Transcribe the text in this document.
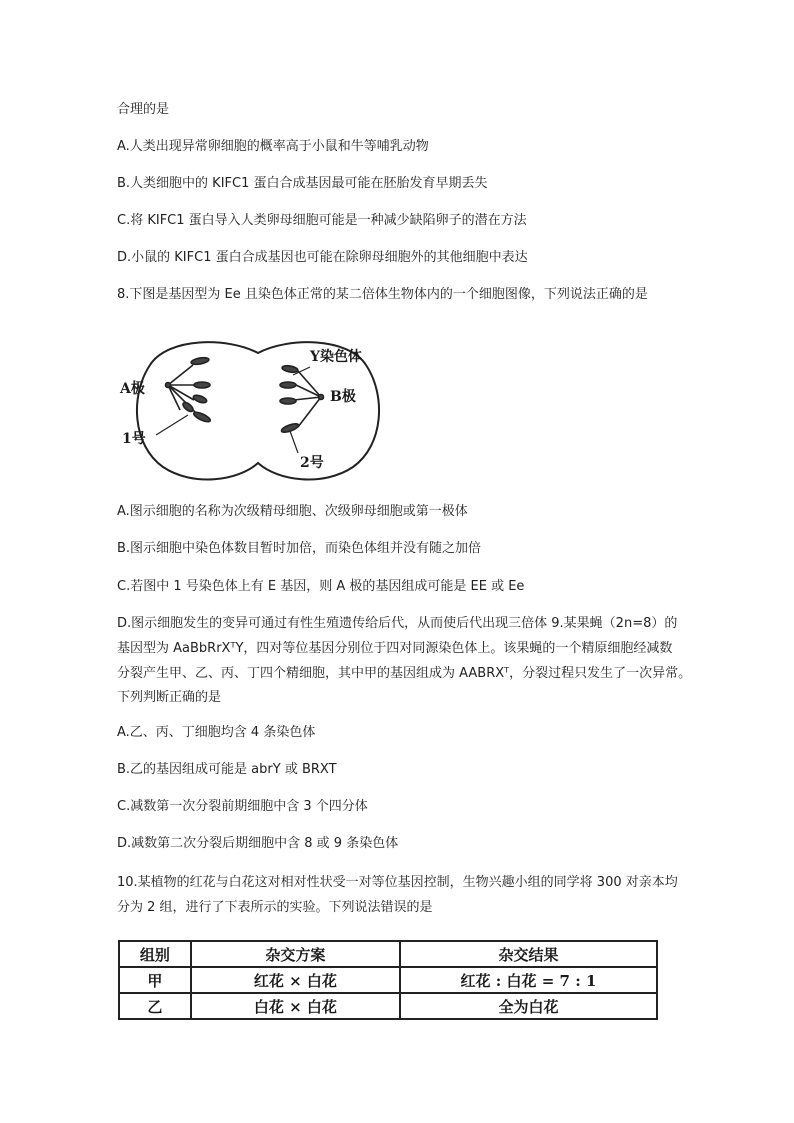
合理的是
A.人类出现异常卵细胞的概率高于小鼠和牛等哺乳动物
B.人类细胞中的 KIFC1 蛋白合成基因最可能在胚胎发育早期丢失
C.将 KIFC1 蛋白导入人类卵母细胞可能是一种减少缺陷卵子的潜在方法
D.小鼠的 KIFC1 蛋白合成基因也可能在除卵母细胞外的其他细胞中表达
8.下图是基因型为 Ee 且染色体正常的某二倍体生物体内的一个细胞图像，下列说法正确的是
A极	B极
Y染色体
1号
2号
A.图示细胞的名称为次级精母细胞、次级卵母细胞或第一极体
B.图示细胞中染色体数目暂时加倍，而染色体组并没有随之加倍
C.若图中 1 号染色体上有 E 基因，则 A 极的基因组成可能是 EE 或 Ee
D.图示细胞发生的变异可通过有性生殖遗传给后代，从而使后代出现三倍体 9.某果蝇（2n=8）的
基因型为 AaBbRrXᵀY，四对等位基因分别位于四对同源染色体上。该果蝇的一个精原细胞经减数
分裂产生甲、乙、丙、丁四个精细胞，其中甲的基因组成为 AABRXᵀ，分裂过程只发生了一次异常。
下列判断正确的是
A.乙、丙、丁细胞均含 4 条染色体
B.乙的基因组成可能是 abrY 或 BRXT
C.减数第一次分裂前期细胞中含 3 个四分体
D.减数第二次分裂后期细胞中含 8 或 9 条染色体
10.某植物的红花与白花这对相对性状受一对等位基因控制，生物兴趣小组的同学将 300 对亲本均
分为 2 组，进行了下表所示的实验。下列说法错误的是
组别	杂交方案	杂交结果
甲	红花 × 白花	红花 : 白花 = 7 : 1
乙	白花 × 白花	全为白花
